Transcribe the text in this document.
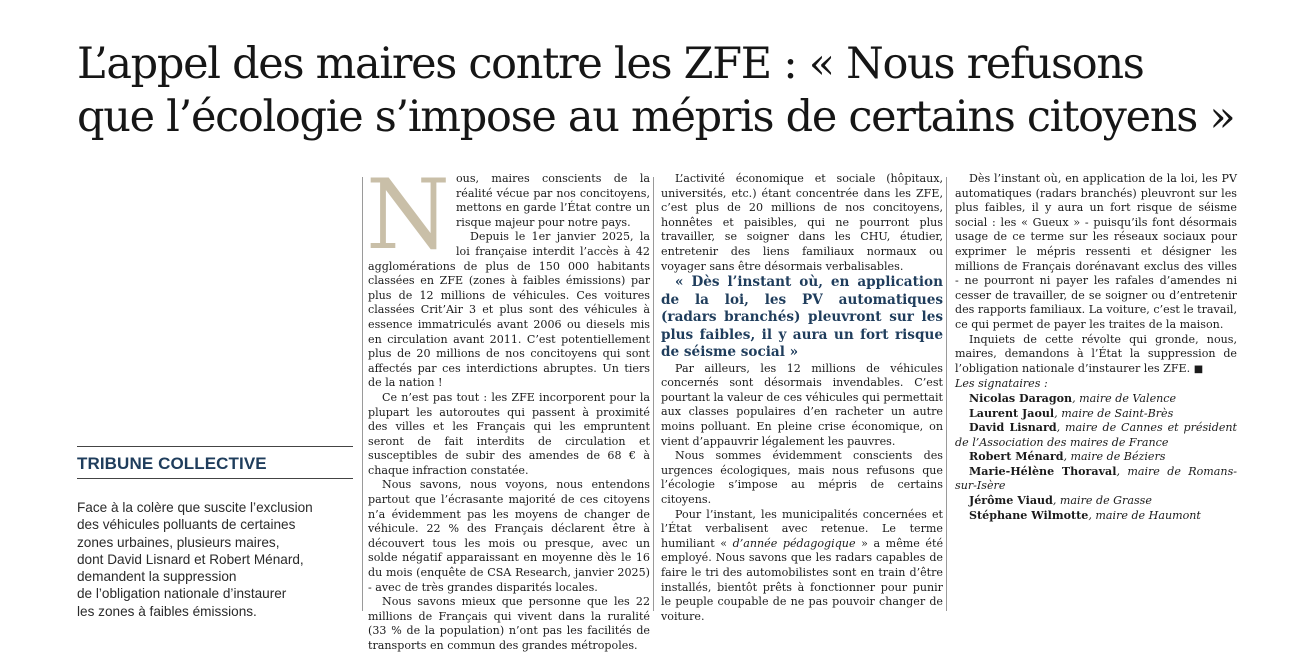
L’appel des maires contre les ZFE : « Nous refusons
que l’écologie s’impose au mépris de certains citoyens »
TRIBUNE COLLECTIVE
Face à la colère que suscite l’exclusion
des véhicules polluants de certaines
zones urbaines, plusieurs maires,
dont David Lisnard et Robert Ménard,
demandent la suppression
de l’obligation nationale d’instaurer
les zones à faibles émissions.
N ous, maires conscients de la réalité vécue par nos concitoyens, mettons en garde l’État contre un risque majeur pour notre pays.

Depuis le 1er janvier 2025, la loi française interdit l’accès à 42 agglomérations de plus de 150 000 habitants classées en ZFE (zones à faibles émissions) par plus de 12 millions de véhicules. Ces voitures classées Crit’Air 3 et plus sont des véhicules à essence immatriculés avant 2006 ou diesels mis en circulation avant 2011. C’est potentiellement plus de 20 millions de nos concitoyens qui sont affectés par ces interdictions abruptes. Un tiers de la nation !

Ce n’est pas tout : les ZFE incorporent pour la plupart les autoroutes qui passent à proximité des villes et les Français qui les empruntent seront de fait interdits de circulation et susceptibles de subir des amendes de 68 € à chaque infraction constatée.

Nous savons, nous voyons, nous entendons partout que l’écrasante majorité de ces citoyens n’a évidemment pas les moyens de changer de véhicule. 22 % des Français déclarent être à découvert tous les mois ou presque, avec un solde négatif apparaissant en moyenne dès le 16 du mois (enquête de CSA Research, janvier 2025) - avec de très grandes disparités locales.

Nous savons mieux que personne que les 22 millions de Français qui vivent dans la ruralité (33 % de la population) n’ont pas les facilités de transports en commun des grandes métropoles.

L’activité économique et sociale (hôpitaux, universités, etc.) étant concentrée dans les ZFE, c’est plus de 20 millions de nos concitoyens, honnêtes et paisibles, qui ne pourront plus travailler, se soigner dans les CHU, étudier, entretenir des liens familiaux normaux ou voyager sans être désormais verbalisables.

« Dès l’instant où, en application de la loi, les PV automatiques (radars branchés) pleuvront sur les plus faibles, il y aura un fort risque de séisme social »

Par ailleurs, les 12 millions de véhicules concernés sont désormais invendables. C’est pourtant la valeur de ces véhicules qui permettait aux classes populaires d’en racheter un autre moins polluant. En pleine crise économique, on vient d’appauvrir légalement les pauvres.

Nous sommes évidemment conscients des urgences écologiques, mais nous refusons que l’écologie s’impose au mépris de certains citoyens.

Pour l’instant, les municipalités concernées et l’État verbalisent avec retenue. Le terme humiliant « d’année pédagogique » a même été employé. Nous savons que les radars capables de faire le tri des automobilistes sont en train d’être installés, bientôt prêts à fonctionner pour punir le peuple coupable de ne pas pouvoir changer de voiture.

Dès l’instant où, en application de la loi, les PV automatiques (radars branchés) pleuvront sur les plus faibles, il y aura un fort risque de séisme social : les « Gueux » - puisqu’ils font désormais usage de ce terme sur les réseaux sociaux pour exprimer le mépris ressenti et désigner les millions de Français dorénavant exclus des villes - ne pourront ni payer les rafales d’amendes ni cesser de travailler, de se soigner ou d’entretenir des rapports familiaux. La voiture, c’est le travail, ce qui permet de payer les traites de la maison.

Inquiets de cette révolte qui gronde, nous, maires, demandons à l’État la suppression de l’obligation nationale d’instaurer les ZFE. ■

Les signataires :

Nicolas Daragon, maire de Valence

Laurent Jaoul, maire de Saint-Brès

David Lisnard, maire de Cannes et président de l’Association des maires de France

Robert Ménard, maire de Béziers

Marie-Hélène Thoraval, maire de Romans-sur-Isère

Jérôme Viaud, maire de Grasse

Stéphane Wilmotte, maire de Haumont
